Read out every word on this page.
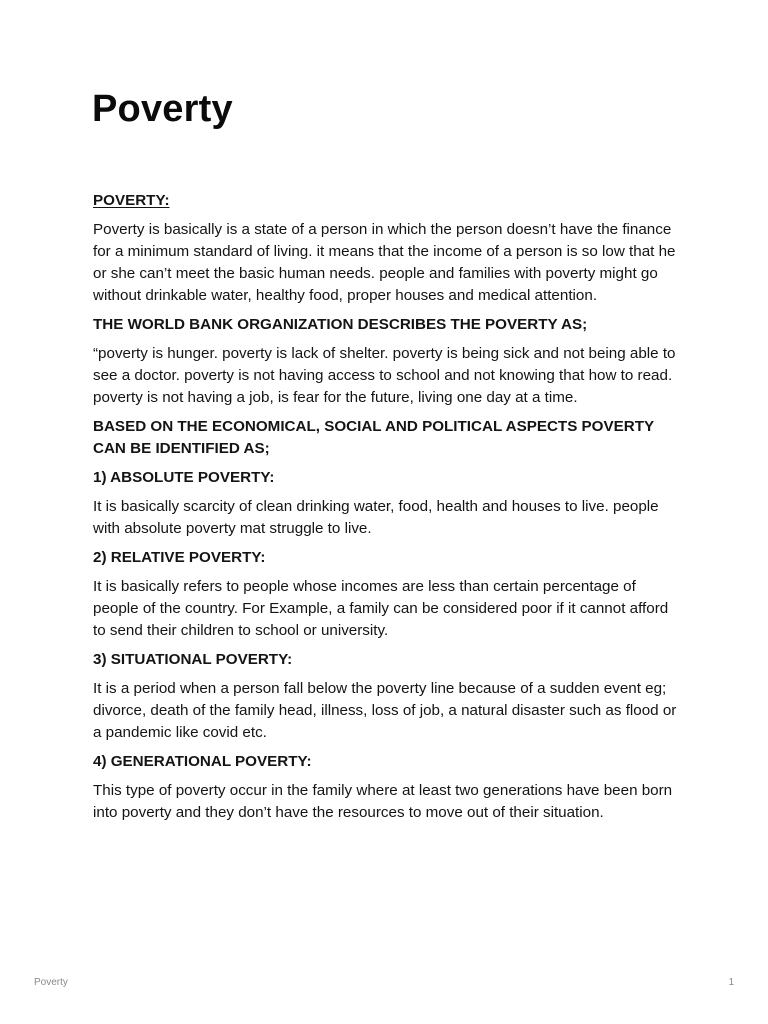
Poverty

POVERTY:

Poverty is basically is a state of a person in which the person doesn’t have the finance for a minimum standard of living. it means that the income of a person is so low that he or she can’t meet the basic human needs. people and families with poverty might go without drinkable water, healthy food, proper houses and medical attention.

THE WORLD BANK ORGANIZATION DESCRIBES THE POVERTY AS;

“poverty is hunger. poverty is lack of shelter. poverty is being sick and not being able to see a doctor. poverty is not having access to school and not knowing that how to read. poverty is not having a job, is fear for the future, living one day at a time.

BASED ON THE ECONOMICAL, SOCIAL AND POLITICAL ASPECTS POVERTY CAN BE IDENTIFIED AS;

1) ABSOLUTE POVERTY:

It is basically scarcity of clean drinking water, food, health and houses to live. people with absolute poverty mat struggle to live.

2) RELATIVE POVERTY:

It is basically refers to people whose incomes are less than certain percentage of people of the country. For Example, a family can be considered poor if it cannot afford to send their children to school or university.

3) SITUATIONAL POVERTY:

It is a period when a person fall below the poverty line because of a sudden event eg; divorce, death of the family head, illness, loss of job, a natural disaster such as flood or a pandemic like covid etc.

4) GENERATIONAL POVERTY:

This type of poverty occur in the family where at least two generations have been born into poverty and they don’t have the resources to move out of their situation.

Poverty	1
